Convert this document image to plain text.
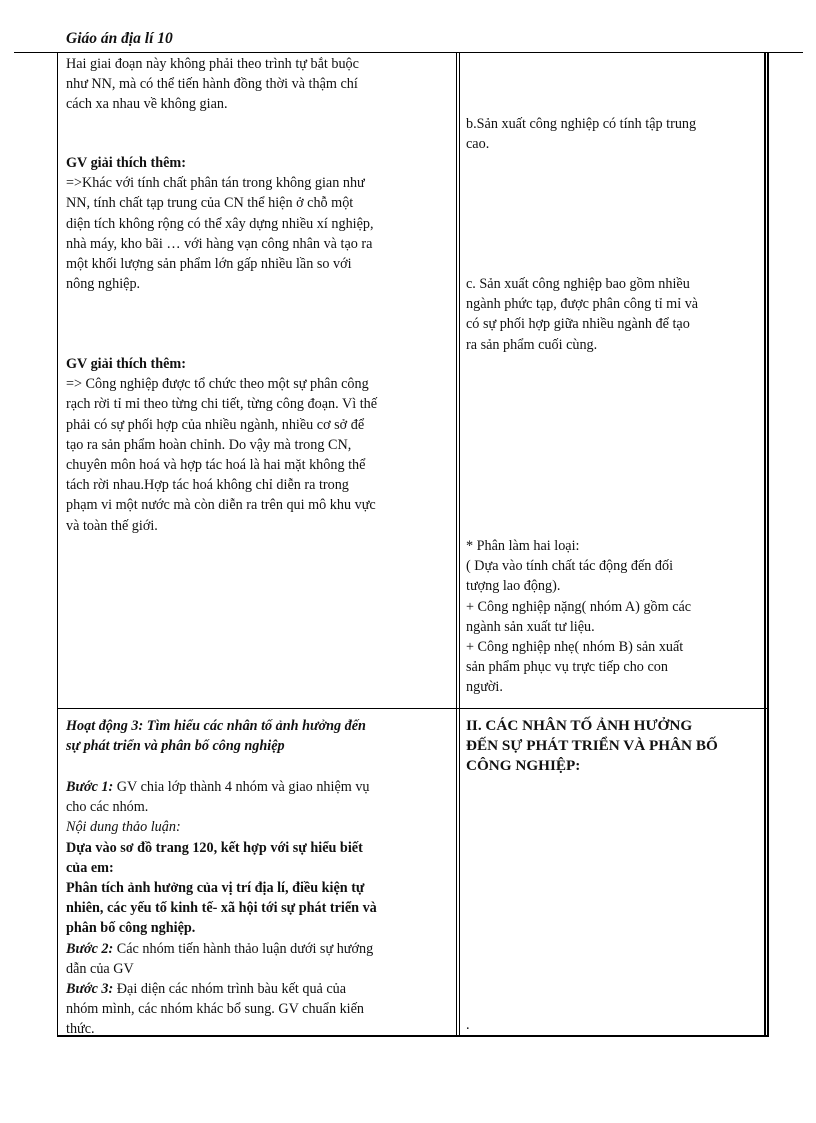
Giáo án địa lí 10
Hai giai đoạn này không phải theo trình tự bắt buộc
như NN, mà có thể tiến hành đồng thời và thậm chí
cách xa nhau về không gian.
GV giải thích thêm:
=>Khác với tính chất phân tán trong không gian như
NN, tính chất tạp trung của CN thể hiện ở chỗ một
diện tích không rộng có thể xây dựng nhiều xí nghiệp,
nhà máy, kho bãi … với hàng vạn công nhân và tạo ra
một khối lượng sản phẩm lớn gấp nhiều lần so với
nông nghiệp.
GV giải thích thêm:
=> Công nghiệp được tổ chức theo một sự phân công
rạch rời tỉ mỉ theo từng chi tiết, từng công đoạn. Vì thế
phải có sự phối hợp của nhiều ngành, nhiều cơ sở để
tạo ra sản phẩm hoàn chỉnh. Do vậy mà trong CN,
chuyên môn hoá và hợp tác hoá là hai mặt không thể
tách rời nhau.Hợp tác hoá không chỉ diễn ra trong
phạm vi một nước mà còn diễn ra trên qui mô khu vực
và toàn thế giới.
Hoạt động 3: Tìm hiểu các nhân tố ảnh hưởng đến
sự phát triển và phân bố công nghiệp
Bước 1: GV chia lớp thành 4 nhóm và giao nhiệm vụ
cho các nhóm.
Nội dung thảo luận:
Dựa vào sơ đồ trang 120, kết hợp với sự hiểu biết
của em:
Phân tích ảnh hưởng của vị trí địa lí, điều kiện tự
nhiên, các yếu tố kinh tế- xã hội tới sự phát triển và
phân bố công nghiệp.
Bước 2: Các nhóm tiến hành thảo luận dưới sự hướng
dẫn của GV
Bước 3: Đại diện các nhóm trình bàu kết quả của
nhóm mình, các nhóm khác bổ sung. GV chuẩn kiến
thức.
b.Sản xuất công nghiệp có tính tập trung
cao.
c. Sản xuất công nghiệp bao gồm nhiều
ngành phức tạp, được phân công tỉ mỉ và
có sự phối hợp giữa nhiều ngành để tạo
ra sản phẩm cuối cùng.
* Phân làm hai loại:
( Dựa vào tính chất tác động đến đối
tượng lao động).
+ Công nghiệp nặng( nhóm A) gồm các
ngành sản xuất tư liệu.
+ Công nghiệp nhẹ( nhóm B) sản xuất
sản phẩm phục vụ trực tiếp cho con
người.
II. CÁC NHÂN TỐ ẢNH HƯỞNG
ĐẾN SỰ PHÁT TRIỂN VÀ PHÂN BỐ
CÔNG NGHIỆP:
.
